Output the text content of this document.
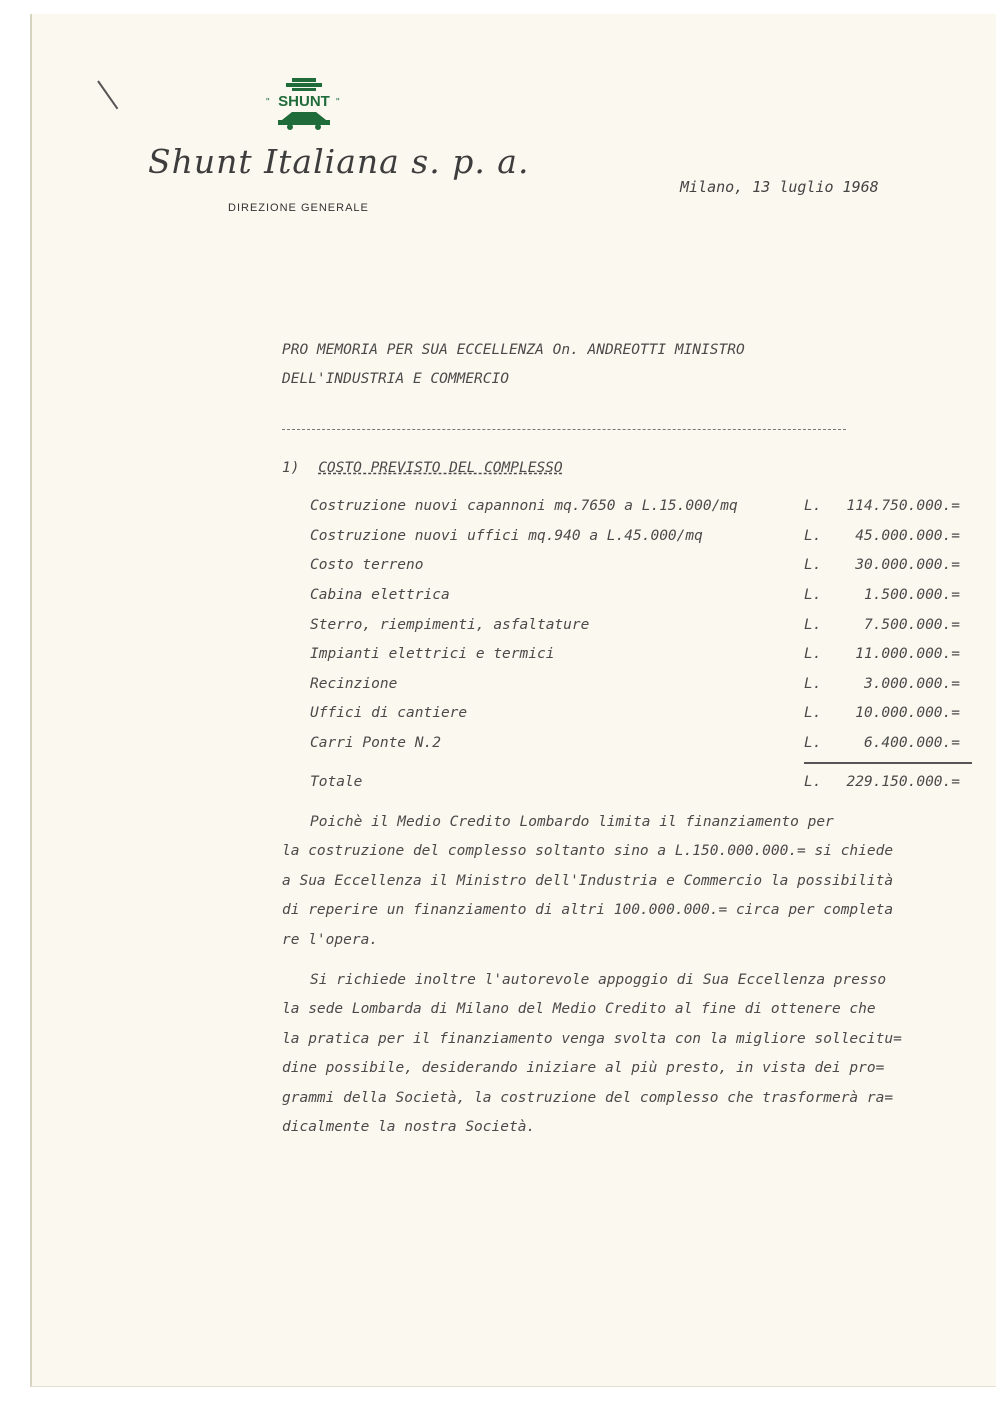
SHUNT
"	"
Shunt Italiana s. p. a.
DIREZIONE GENERALE
Milano, 13 luglio 1968
PRO MEMORIA PER SUA ECCELLENZA On. ANDREOTTI MINISTRO
DELL'INDUSTRIA E COMMERCIO
1) COSTO PREVISTO DEL COMPLESSO
Costruzione nuovi capannoni mq.7650 a L.15.000/mq	L. 114.750.000.=
Costruzione nuovi uffici mq.940 a L.45.000/mq	L. 45.000.000.=
Costo terreno	L. 30.000.000.=
Cabina elettrica	L.	1.500.000.=
Sterro, riempimenti, asfaltature	L.	7.500.000.=
Impianti elettrici e termici	L. 11.000.000.=
Recinzione	L.	3.000.000.=
Uffici di cantiere	L. 10.000.000.=
Carri Ponte N.2	L.	6.400.000.=
Totale	L. 229.150.000.=
Poichè il Medio Credito Lombardo limita il finanziamento per
la costruzione del complesso soltanto sino a L.150.000.000.= si chiede
a Sua Eccellenza il Ministro dell'Industria e Commercio la possibilità
di reperire un finanziamento di altri 100.000.000.= circa per completa
re l'opera.
Si richiede inoltre l'autorevole appoggio di Sua Eccellenza presso
la sede Lombarda di Milano del Medio Credito al fine di ottenere che
la pratica per il finanziamento venga svolta con la migliore sollecitu=
dine possibile, desiderando iniziare al più presto, in vista dei pro=
grammi della Società, la costruzione del complesso che trasformerà ra=
dicalmente la nostra Società.
